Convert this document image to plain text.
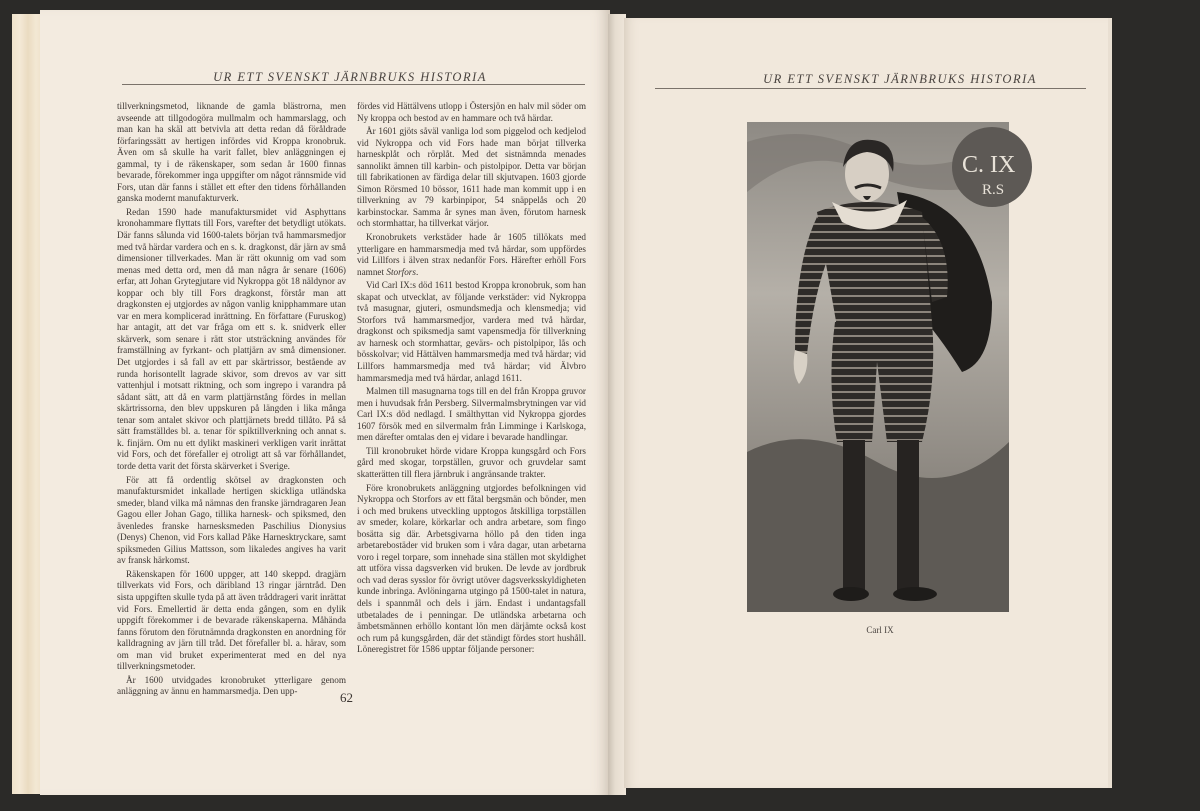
UR ETT SVENSKT JÄRNBRUKS HISTORIA

tillverkningsmetod, liknande de gamla blästrorna, men avseende att tillgodogöra mullmalm och hammarslagg, och man kan ha skäl att betvivla att detta redan då föråldrade förfaringssätt av hertigen infördes vid Kroppa kronobruk. Även om så skulle ha varit fallet, blev anläggningen ej gammal, ty i de räkenskaper, som sedan år 1600 finnas bevarade, förekommer inga uppgifter om något rännsmide vid Fors, utan där fanns i stället ett efter den tidens förhållanden ganska modernt manufakturverk.

Redan 1590 hade manufaktursmidet vid Asphyttans kronohammare flyttats till Fors, varefter det betydligt utökats. Där fanns sålunda vid 1600-talets början två hammarsmedjor med två härdar vardera och en s. k. dragkonst, där järn av små dimensioner tillverkades. Man är rätt okunnig om vad som menas med detta ord, men då man några år senare (1606) erfar, att Johan Grytegjutare vid Nykroppa göt 18 näldynor av koppar och bly till Fors dragkonst, förstår man att dragkonsten ej utgjordes av någon vanlig knipphammare utan var en mera komplicerad inrättning. En författare (Furuskog) har antagit, att det var fråga om ett s. k. snidverk eller skärverk, som senare i rätt stor utsträckning användes för framställning av fyrkant- och plattjärn av små dimensioner. Det utgjordes i så fall av ett par skärtrissor, bestående av runda horisontellt lagrade skivor, som drevos av var sitt vattenhjul i motsatt riktning, och som ingrepo i varandra på sådant sätt, att då en varm plattjärnstång fördes in mellan skärtrissorna, den blev uppskuren på längden i lika många tenar som antalet skivor och plattjärnets bredd tillåto. På så sätt framställdes bl. a. tenar för spiktillverkning och annat s. k. finjärn. Om nu ett dylikt maskineri verkligen varit inrättat vid Fors, och det förefaller ej otroligt att så var förhållandet, torde detta varit det första skärverket i Sverige.

För att få ordentlig skötsel av dragkonsten och manufaktursmidet inkallade hertigen skickliga utländska smeder, bland vilka må nämnas den franske järndragaren Jean Gagou eller Johan Gago, tillika harnesk- och spiksmed, den ävenledes franske harnesksmeden Paschilius Dionysius (Denys) Chenon, vid Fors kallad Påke Harnesktryckare, samt spiksmeden Gilius Mattsson, som likaledes angives ha varit av fransk härkomst.

Räkenskapen för 1600 uppger, att 140 skeppd. dragjärn tillverkats vid Fors, och däribland 13 ringar järntråd. Den sista uppgiften skulle tyda på att även tråddrageri varit inrättat vid Fors. Emellertid är detta enda gången, som en dylik uppgift förekommer i de bevarade räkenskaperna. Måhända fanns förutom den förutnämnda dragkonsten en anordning för kalldragning av järn till tråd. Det förefaller bl. a. härav, som om man vid bruket experimenterat med en del nya tillverkningsmetoder.

År 1600 utvidgades kronobruket ytterligare genom anläggning av ännu en hammarsmedja. Den upp-

fördes vid Hättälvens utlopp i Östersjön en halv mil söder om Ny kroppa och bestod av en hammare och två härdar.

År 1601 gjöts såväl vanliga lod som piggelod och kedjelod vid Nykroppa och vid Fors hade man börjat tillverka harneskplåt och rörplåt. Med det sistnämnda menades sannolikt ämnen till karbin- och pistolpipor. Detta var början till fabrikationen av färdiga delar till skjutvapen. 1603 gjorde Simon Rörsmed 10 bössor, 1611 hade man kommit upp i en tillverkning av 79 karbinpipor, 54 snäppelås och 20 karbinstockar. Samma år synes man även, förutom harnesk och stormhattar, ha tillverkat värjor.

Kronobrukets verkstäder hade år 1605 tillökats med ytterligare en hammarsmedja med två härdar, som uppfördes vid Lillfors i älven strax nedanför Fors. Härefter erhöll Fors namnet Storfors.

Vid Carl IX:s död 1611 bestod Kroppa kronobruk, som han skapat och utvecklat, av följande verkstäder: vid Nykroppa två masugnar, gjuteri, osmundsmedja och klensmedja; vid Storfors två hammarsmedjor, vardera med två härdar, dragkonst och spiksmedja samt vapensmedja för tillverkning av harnesk och stormhattar, gevärs- och pistolpipor, lås och bösskolvar; vid Hättälven hammarsmedja med två härdar; vid Lillfors hammarsmedja med två härdar; vid Älvbro hammarsmedja med två härdar, anlagd 1611.

Malmen till masugnarna togs till en del från Kroppa gruvor men i huvudsak från Persberg. Silvermalmsbrytningen var vid Carl IX:s död nedlagd. I smälthyttan vid Nykroppa gjordes 1607 försök med en silvermalm från Limminge i Karlskoga, men därefter omtalas den ej vidare i bevarade handlingar.

Till kronobruket hörde vidare Kroppa kungsgård och Fors gård med skogar, torpställen, gruvor och gruvdelar samt skatterätten till flera järnbruk i angränsande trakter.

Före kronobrukets anläggning utgjordes befolkningen vid Nykroppa och Storfors av ett fåtal bergsmän och bönder, men i och med brukens utveckling upptogos åtskilliga torpställen av smeder, kolare, körkarlar och andra arbetare, som fingo bosätta sig där. Arbetsgivarna höllo på den tiden inga arbetarebostäder vid bruken som i våra dagar, utan arbetarna voro i regel torpare, som innehade sina ställen mot skyldighet att utföra vissa dagsverken vid bruken. De levde av jordbruk och vad deras sysslor för övrigt utöver dagsverksskyldigheten kunde inbringa. Avlöningarna utgingo på 1500-talet in natura, dels i spannmål och dels i järn. Endast i undantagsfall utbetalades de i penningar. De utländska arbetarna och ämbetsmännen erhöllo kontant lön men därjämte också kost och rum på kungsgården, där det ständigt fördes stort hushåll. Löneregistret för 1586 upptar följande personer:

62
UR ETT SVENSKT JÄRNBRUKS HISTORIA
C. IX
R.S
Carl IX
